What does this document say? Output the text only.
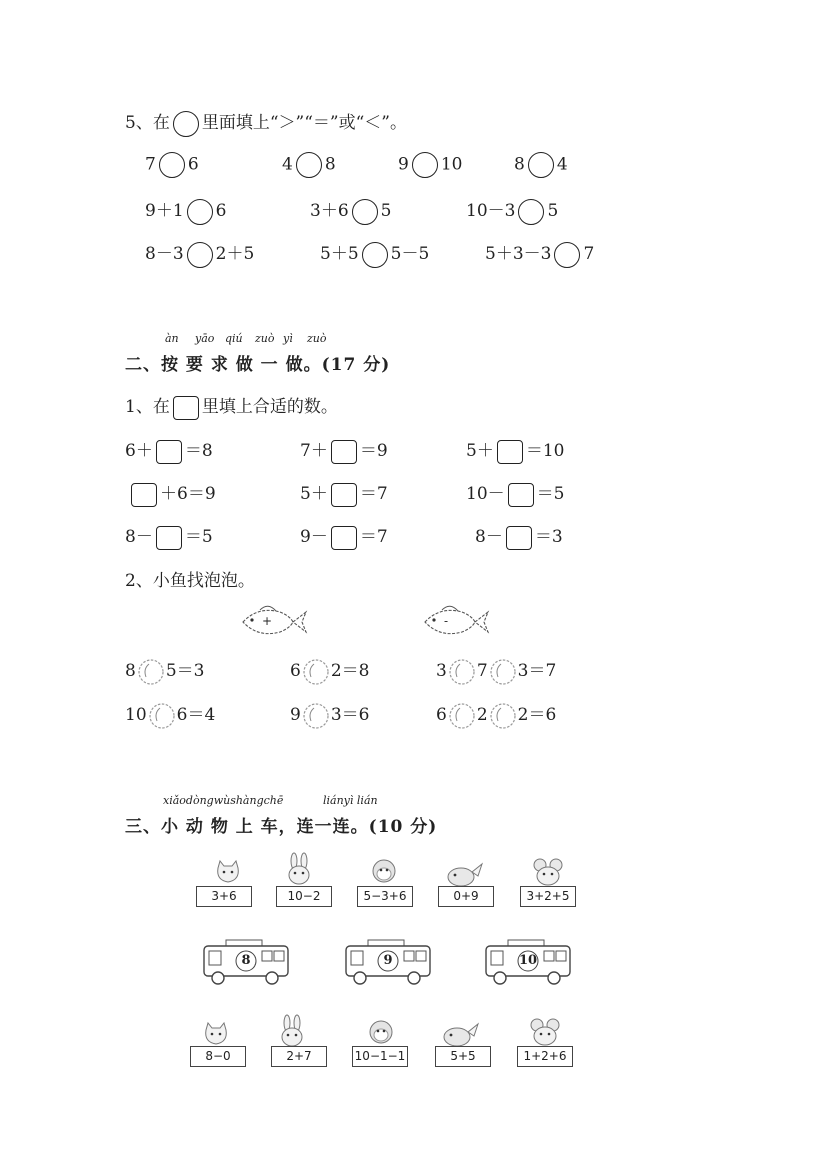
5、在 里面填上“＞”“＝”或“＜”。
7 6	4 8	9 10	8 4
9＋1 6	3＋6 5	10－3 5
8－3 2＋5	5＋5 5－5	5＋3－3 7
àn yāo qiú zuò yì zuò
二、按 要 求 做 一 做。(17 分)
1、在 里填上合适的数。
6＋ ＝8	7＋ ＝9	5＋ ＝10
＋6＝9	5＋ ＝7	10－ ＝5
8－ ＝5	9－ ＝7	8－ ＝3
2、小鱼找泡泡。
+	-
8 5＝3	6 2＝8	3 7 3＝7
10 6＝4	9 3＝6	6 2 2＝6
xiǎodòngwùshàngchē	liányì lián
三、小 动 物 上 车，连一连。(10 分)
3+6	10−2	5−3+6	0+9	3+2+5
8	9	10
8−0	2+7	10−1−1	5+5	1+2+6
